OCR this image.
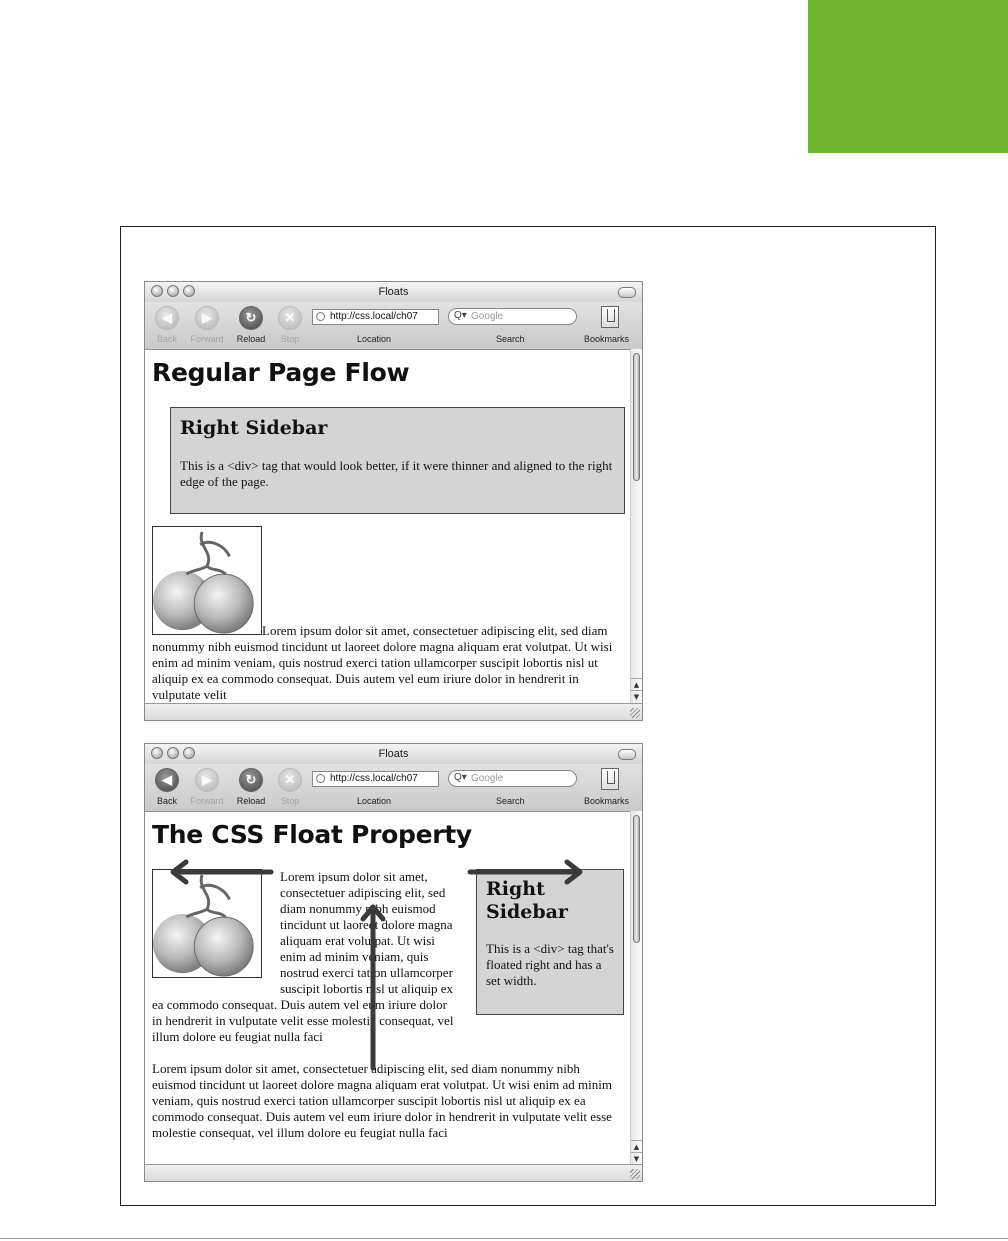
Floats
◀
Back
▶
Forward
↻
Reload
✕
Stop
http://css.local/ch07	Q▾ Google
Location	Search	Bookmarks
Regular Page Flow
Right Sidebar

This is a <div> tag that would look better, if it were thinner and aligned to the right edge of the page.

Lorem ipsum dolor sit amet, consectetuer adipiscing elit, sed diam nonummy nibh euismod tincidunt ut laoreet dolore magna aliquam erat volutpat. Ut wisi enim ad minim veniam, quis nostrud exerci tation ullamcorper suscipit lobortis nisl ut aliquip ex ea commodo consequat. Duis autem vel eum iriure dolor in hendrerit in vulputate velit
▲
▼
Floats
◀
Back
▶
Forward
↻
Reload
✕
Stop
http://css.local/ch07	Q▾ Google
Location	Search	Bookmarks
The CSS Float Property
Right Sidebar

This is a <div> tag that's floated right and has a set width.

Lorem ipsum dolor sit amet, consectetuer adipiscing elit, sed diam nonummy nibh euismod tincidunt ut laoreet dolore magna aliquam erat volutpat. Ut wisi enim ad minim veniam, quis nostrud exerci tation ullamcorper suscipit lobortis nisl ut aliquip ex ea commodo consequat. Duis autem vel eum iriure dolor in hendrerit in vulputate velit esse molestie consequat, vel illum dolore eu feugiat nulla faci

Lorem ipsum dolor sit amet, consectetuer adipiscing elit, sed diam nonummy nibh euismod tincidunt ut laoreet dolore magna aliquam erat volutpat. Ut wisi enim ad minim veniam, quis nostrud exerci tation ullamcorper suscipit lobortis nisl ut aliquip ex ea commodo consequat. Duis autem vel eum iriure dolor in hendrerit in vulputate velit esse molestie consequat, vel illum dolore eu feugiat nulla faci

▲
▼
